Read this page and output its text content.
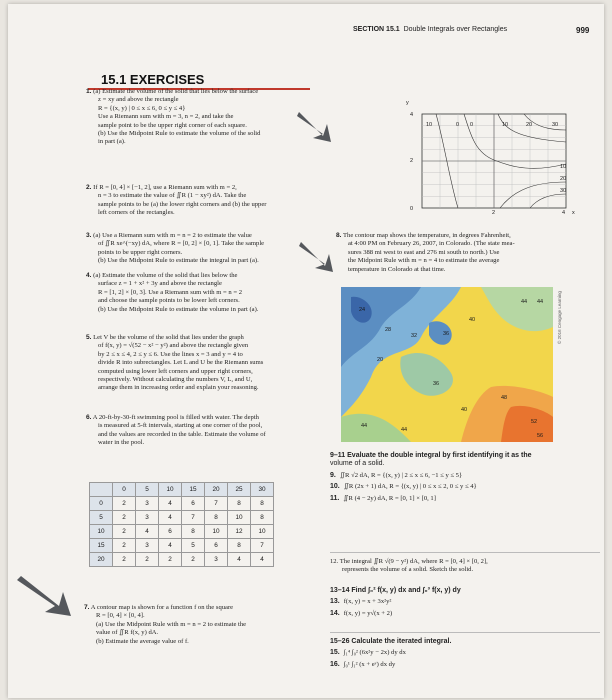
SECTION 15.1 Double Integrals over Rectangles	999
15.1 EXERCISES
1. (a) Estimate the volume of the solid that lies below the surface
z = xy and above the rectangle
R = {(x, y) | 0 ≤ x ≤ 6, 0 ≤ y ≤ 4}
Use a Riemann sum with m = 3, n = 2, and take the
sample point to be the upper right corner of each square.
(b) Use the Midpoint Rule to estimate the volume of the solid
in part (a).
2. If R = [0, 4] × [−1, 2], use a Riemann sum with m = 2,
n = 3 to estimate the value of ∬R (1 − xy²) dA. Take the
sample points to be (a) the lower right corners and (b) the upper
left corners of the rectangles.
3. (a) Use a Riemann sum with m = n = 2 to estimate the value
of ∬R xe^(−xy) dA, where R = [0, 2] × [0, 1]. Take the sample
points to be upper right corners.
(b) Use the Midpoint Rule to estimate the integral in part (a).
4. (a) Estimate the volume of the solid that lies below the
surface z = 1 + x² + 3y and above the rectangle
R = [1, 2] × [0, 3]. Use a Riemann sum with m = n = 2
and choose the sample points to be lower left corners.
(b) Use the Midpoint Rule to estimate the volume in part (a).
5. Let V be the volume of the solid that lies under the graph
of f(x, y) = √(52 − x² − y²) and above the rectangle given
by 2 ≤ x ≤ 4, 2 ≤ y ≤ 6. Use the lines x = 3 and y = 4 to
divide R into subrectangles. Let L and U be the Riemann sums
computed using lower left corners and upper right corners,
respectively. Without calculating the numbers V, L, and U,
arrange them in increasing order and explain your reasoning.
6. A 20-ft-by-30-ft swimming pool is filled with water. The depth
is measured at 5-ft intervals, starting at one corner of the pool,
and the values are recorded in the table. Estimate the volume of
water in the pool.
	0	5	10	15	20	25	30
0	2	3	4	6	7	8	8
5	2	3	4	7	8	10	8
10	2	4	6	8	10	12	10
15	2	3	4	5	6	8	7
20	2	2	2	2	3	4	4
7. A contour map is shown for a function f on the square
R = [0, 4] × [0, 4].
(a) Use the Midpoint Rule with m = n = 2 to estimate the
value of ∬R f(x, y) dA.
(b) Estimate the average value of f.
y
4
2
0
2	4 x
10	0 0	10	20	30
10
20
30
8. The contour map shows the temperature, in degrees Fahrenheit,
at 4:00 PM on February 26, 2007, in Colorado. (The state mea-
sures 388 mi west to east and 276 mi south to north.) Use
the Midpoint Rule with m = n = 4 to estimate the average
temperature in Colorado at that time.
44 44
40
36
32
28
24
20
36
40
44
44
52
48
56
© 2016 Cengage Learning
9–11 Evaluate the double integral by first identifying it as the
volume of a solid.
9. ∬R √2 dA, R = {(x, y) | 2 ≤ x ≤ 6, −1 ≤ y ≤ 5}
10. ∬R (2x + 1) dA, R = {(x, y) | 0 ≤ x ≤ 2, 0 ≤ y ≤ 4}
11. ∬R (4 − 2y) dA, R = [0, 1] × [0, 1]
12. The integral ∬R √(9 − y²) dA, where R = [0, 4] × [0, 2],
represents the volume of a solid. Sketch the solid.
13–14 Find ∫₀² f(x, y) dx and ∫₀³ f(x, y) dy
13. f(x, y) = x + 3x²y²
14. f(x, y) = y√(x + 2)
15–26 Calculate the iterated integral.
15. ∫₁⁴ ∫₀² (6x²y − 2x) dy dx
16. ∫₀¹ ∫₁² (x + eʸ) dx dy
